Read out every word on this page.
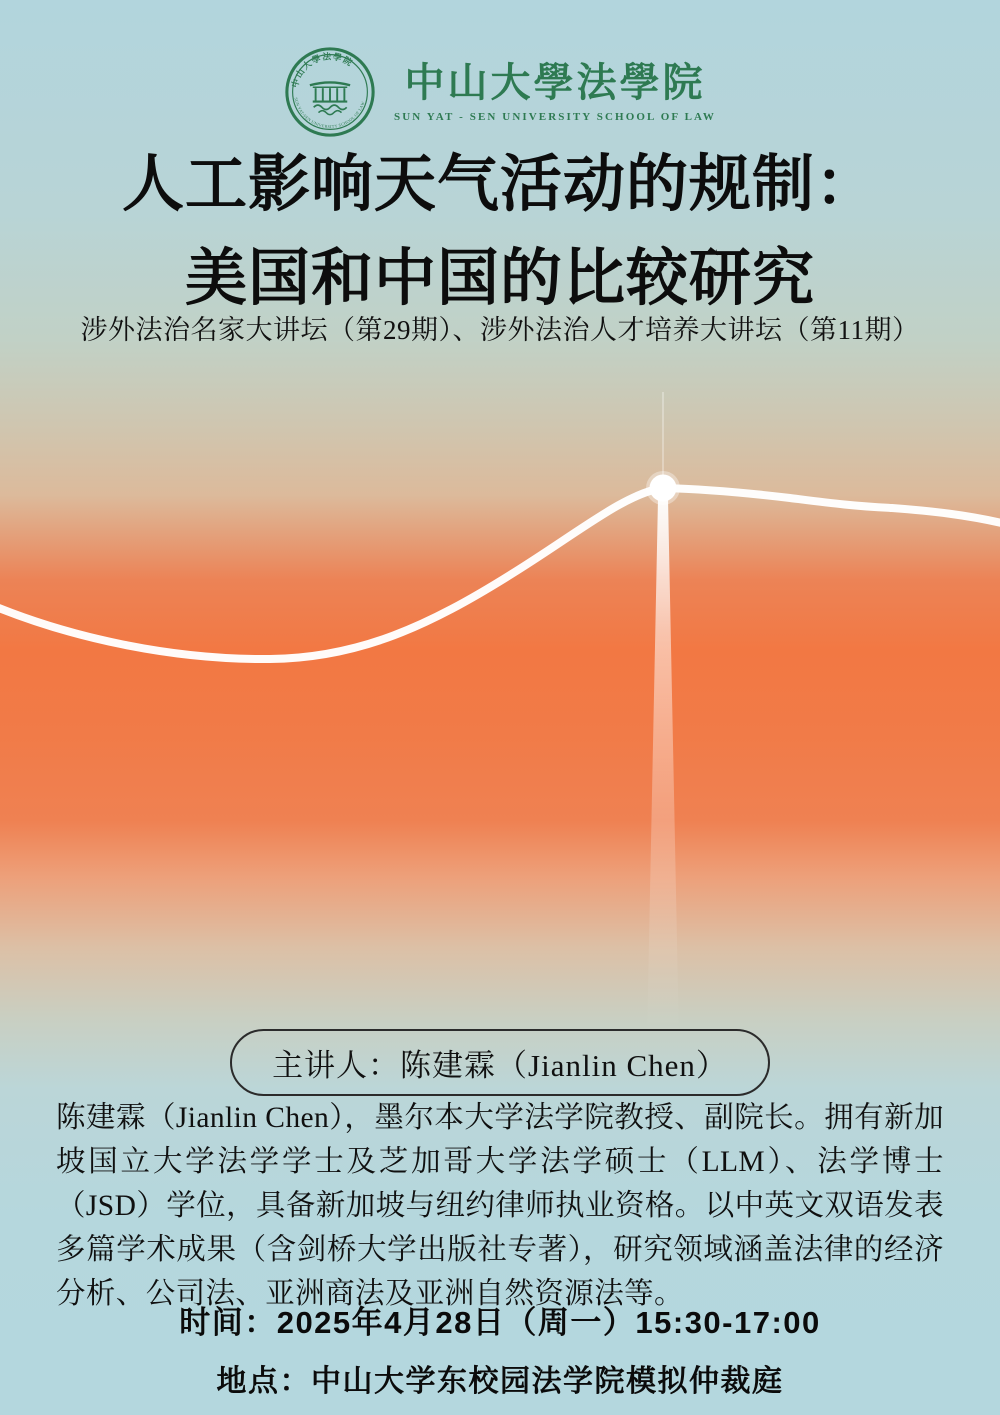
中山大學法學院
SUN YAT-SEN UNIVERSITY SCHOOL OF LAW 中山大學法學院
SUN YAT - SEN UNIVERSITY SCHOOL OF LAW
人工影响天气活动的规制：
美国和中国的比较研究
涉外法治名家大讲坛（第29期）、涉外法治人才培养大讲坛（第11期）
主讲人：陈建霖（Jianlin Chen）

陈建霖（Jianlin Chen），墨尔本大学法学院教授、副院长。拥有新加坡国立大学法学学士及芝加哥大学法学硕士（LLM）、法学博士（JSD）学位，具备新加坡与纽约律师执业资格。以中英文双语发表多篇学术成果（含剑桥大学出版社专著），研究领域涵盖法律的经济分析、公司法、亚洲商法及亚洲自然资源法等。

时间：2025年4月28日（周一）15:30-17:00
地点：中山大学东校园法学院模拟仲裁庭
